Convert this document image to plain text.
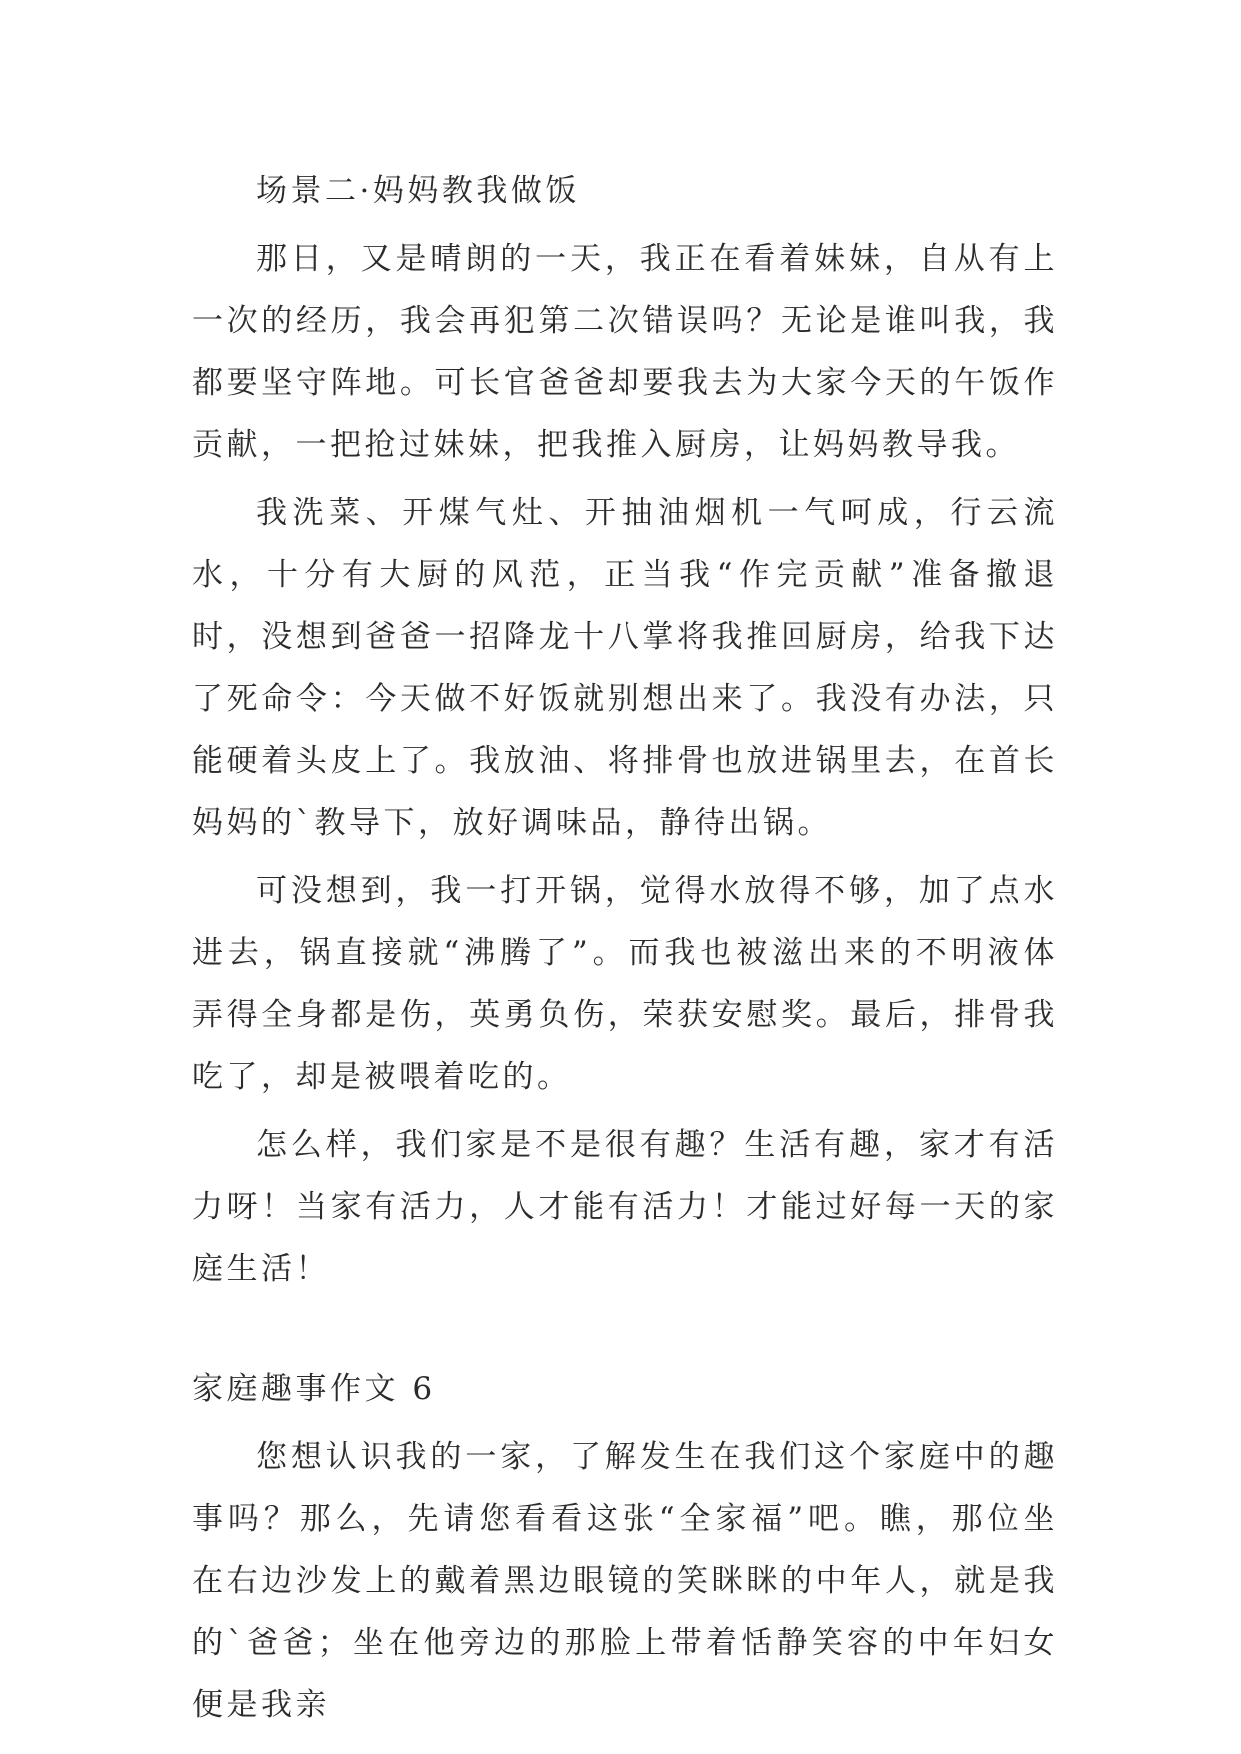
场景二·妈妈教我做饭

那日，又是晴朗的一天，我正在看着妹妹，自从有上一次的经历，我会再犯第二次错误吗？无论是谁叫我，我都要坚守阵地。可长官爸爸却要我去为大家今天的午饭作贡献，一把抢过妹妹，把我推入厨房，让妈妈教导我。

我洗菜、开煤气灶、开抽油烟机一气呵成，行云流水，十分有大厨的风范，正当我“作完贡献”准备撤退时，没想到爸爸一招降龙十八掌将我推回厨房，给我下达了死命令：今天做不好饭就别想出来了。我没有办法，只能硬着头皮上了。我放油、将排骨也放进锅里去，在首长妈妈的`教导下，放好调味品，静待出锅。

可没想到，我一打开锅，觉得水放得不够，加了点水进去，锅直接就“沸腾了”。而我也被滋出来的不明液体弄得全身都是伤，英勇负伤，荣获安慰奖。最后，排骨我吃了，却是被喂着吃的。

怎么样，我们家是不是很有趣？生活有趣，家才有活力呀！当家有活力，人才能有活力！才能过好每一天的家庭生活！

家庭趣事作文 6

您想认识我的一家，了解发生在我们这个家庭中的趣事吗？那么，先请您看看这张“全家福”吧。瞧，那位坐在右边沙发上的戴着黑边眼镜的笑眯眯的中年人，就是我的`爸爸；坐在他旁边的那脸上带着恬静笑容的中年妇女便是我亲
